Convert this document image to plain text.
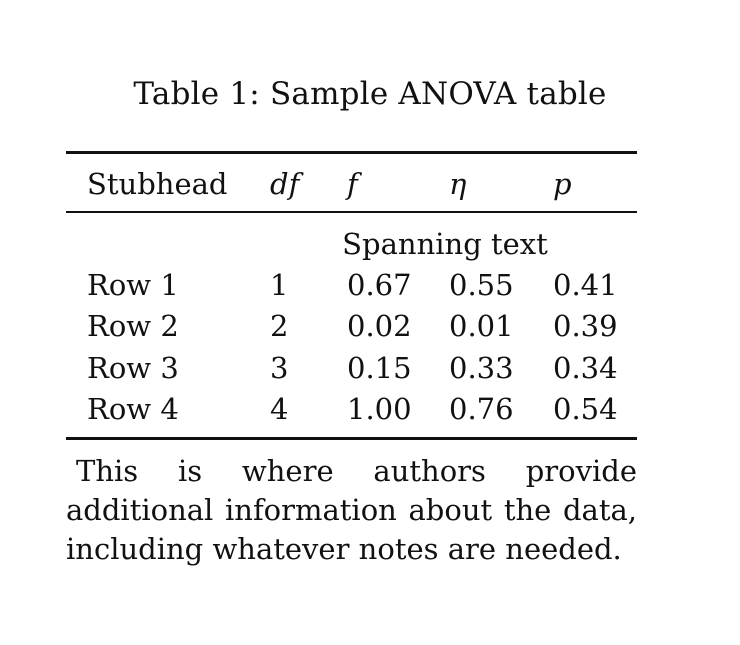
Table 1: Sample ANOVA table
Stubhead df f	η	p
Spanning text
Row 1	1 0.67 0.55 0.41
Row 2	2 0.02 0.01 0.39
Row 3	3 0.15 0.33 0.34
Row 4	4 1.00 0.76 0.54
This is where authors provide additional information about the data, including whatever notes are needed.
